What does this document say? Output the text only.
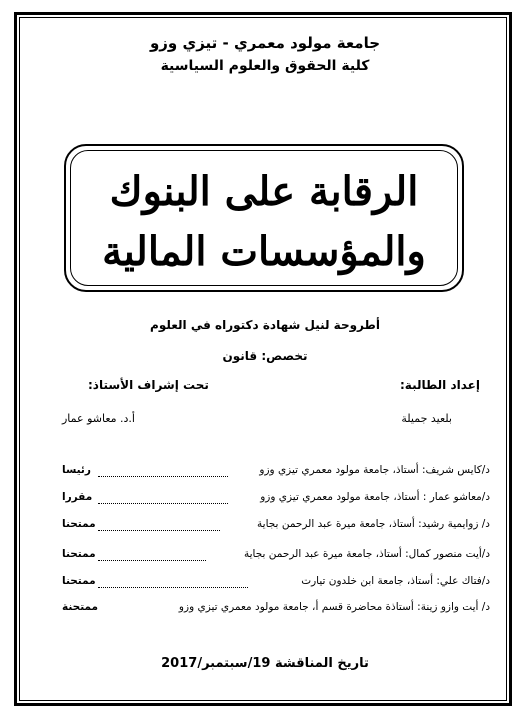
جامعة مولود معمري - تيزي وزو
كلية الحقوق والعلوم السياسية
الرقابة على البنوك
والمؤسسات المالية
أطروحة لنيل شهادة دكتوراه في العلوم
تخصص: قانون
إعداد الطالبة:
تحت إشراف الأستاذ:
بلعيد جميلة
أ.د. معاشو عمار
د/كايس شريف: أستاذ، جامعة مولود معمري تيزي وزو
رئيسا
د/معاشو عمار : أستاذ، جامعة مولود معمري تيزي وزو
مقررا
د/ زوايمية رشيد: أستاذ، جامعة ميرة عبد الرحمن بجاية
ممتحنا
د/أيت منصور كمال: أستاذ، جامعة ميرة عبد الرحمن بجاية
ممتحنا
د/فتاك علي: أستاذ، جامعة ابن خلدون تيارت
ممتحنا
د/ أيت وازو زينة: أستاذة محاضرة قسم أ، جامعة مولود معمري تيزي وزو
ممتحنة
تاريخ المناقشة 19/سبتمبر/2017
